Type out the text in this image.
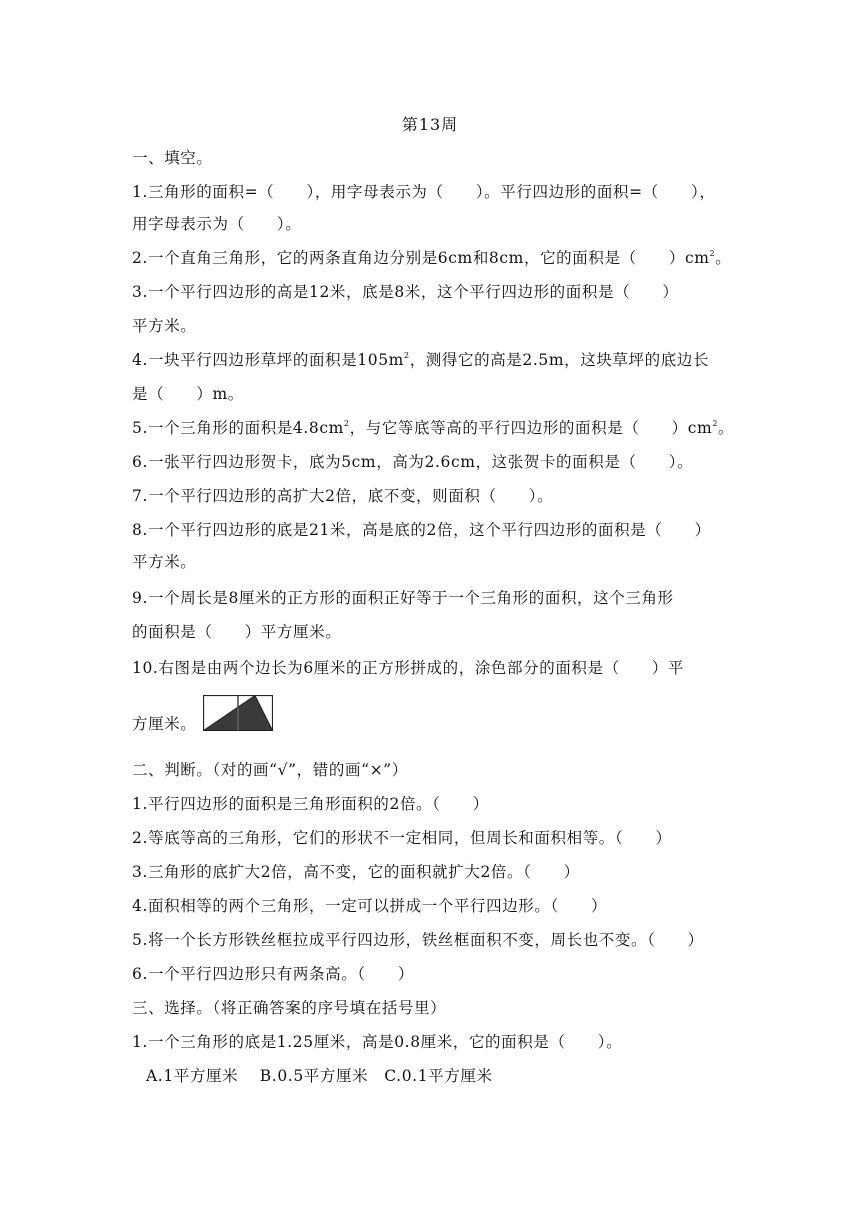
第13周
一、填空。
1.三角形的面积=（　　），用字母表示为（　　）。平行四边形的面积=（　　），
用字母表示为（　　）。
2.一个直角三角形，它的两条直角边分别是6cm和8cm，它的面积是（　　）$cm^2$。
3.一个平行四边形的高是12米，底是8米，这个平行四边形的面积是（　　）
平方米。
4.一块平行四边形草坪的面积是$105m^2$，测得它的高是2.5m，这块草坪的底边长
是（　　）m。
5.一个三角形的面积是$4.8cm^2$，与它等底等高的平行四边形的面积是（　　）$cm^2$。
6.一张平行四边形贺卡，底为5cm，高为2.6cm，这张贺卡的面积是（　　）。
7.一个平行四边形的高扩大2倍，底不变，则面积（　　）。
8.一个平行四边形的底是21米，高是底的2倍，这个平行四边形的面积是（　　）
平方米。
9.一个周长是8厘米的正方形的面积正好等于一个三角形的面积，这个三角形
的面积是（　　）平方厘米。
10.右图是由两个边长为6厘米的正方形拼成的，涂色部分的面积是（　　）平
方厘米。
二、判断。（对的画“√”，错的画“×”）
1.平行四边形的面积是三角形面积的2倍。（　　）
2.等底等高的三角形，它们的形状不一定相同，但周长和面积相等。（　　）
3.三角形的底扩大2倍，高不变，它的面积就扩大2倍。（　　）
4.面积相等的两个三角形，一定可以拼成一个平行四边形。（　　）
5.将一个长方形铁丝框拉成平行四边形，铁丝框面积不变，周长也不变。（　　）
6.一个平行四边形只有两条高。（　　）
三、选择。（将正确答案的序号填在括号里）
1.一个三角形的底是1.25厘米，高是0.8厘米，它的面积是（　　）。
A.1平方厘米　 B.0.5平方厘米　C.0.1平方厘米
